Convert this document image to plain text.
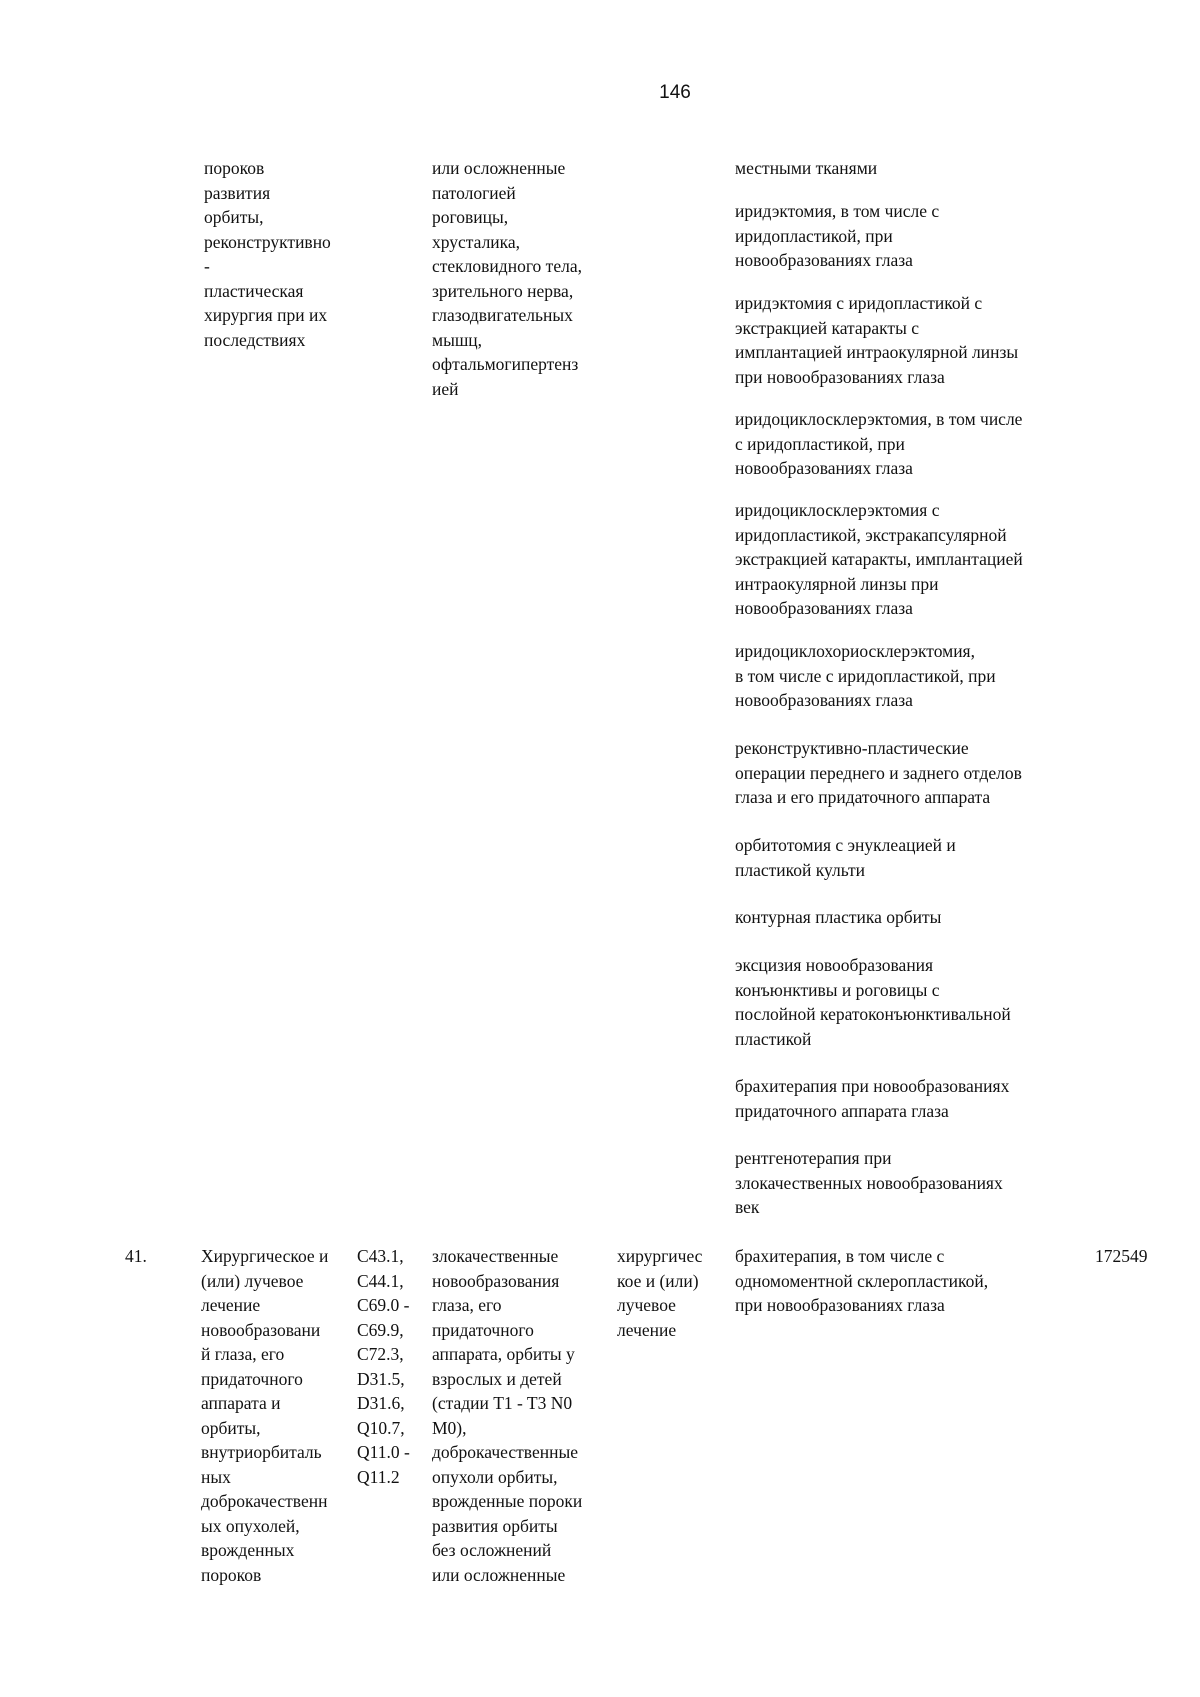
146
пороков
развития
орбиты,
реконструктивно
-
пластическая
хирургия при их
последствиях
или осложненные
патологией
роговицы,
хрусталика,
стекловидного тела,
зрительного нерва,
глазодвигательных
мышц,
офтальмогипертенз
ией
местными тканями
иридэктомия, в том числе с
иридопластикой, при
новообразованиях глаза
иридэктомия с иридопластикой с
экстракцией катаракты с
имплантацией интраокулярной линзы
при новообразованиях глаза
иридоциклосклерэктомия, в том числе
с иридопластикой, при
новообразованиях глаза
иридоциклосклерэктомия с
иридопластикой, экстракапсулярной
экстракцией катаракты, имплантацией
интраокулярной линзы при
новообразованиях глаза
иридоциклохориосклерэктомия,
в том числе с иридопластикой, при
новообразованиях глаза
реконструктивно-пластические
операции переднего и заднего отделов
глаза и его придаточного аппарата
орбитотомия с энуклеацией и
пластикой культи
контурная пластика орбиты
эксцизия новообразования
конъюнктивы и роговицы с
послойной кератоконъюнктивальной
пластикой
брахитерапия при новообразованиях
придаточного аппарата глаза
рентгенотерапия при
злокачественных новообразованиях
век
41.	Хирургическое и
(или) лучевое
лечение
новообразовани
й глаза, его
придаточного
аппарата и
орбиты,
внутриорбиталь
ных
доброкачественн
ых опухолей,
врожденных
пороков
C43.1,
C44.1,
C69.0 -
C69.9,
C72.3,
D31.5,
D31.6,
Q10.7,
Q11.0 -
Q11.2
злокачественные
новообразования
глаза, его
придаточного
аппарата, орбиты у
взрослых и детей
(стадии T1 - T3 N0
M0),
доброкачественные
опухоли орбиты,
врожденные пороки
развития орбиты
без осложнений
или осложненные
хирургичес
кое и (или)
лучевое
лечение
брахитерапия, в том числе с
одномоментной склеропластикой,
при новообразованиях глаза
172549
